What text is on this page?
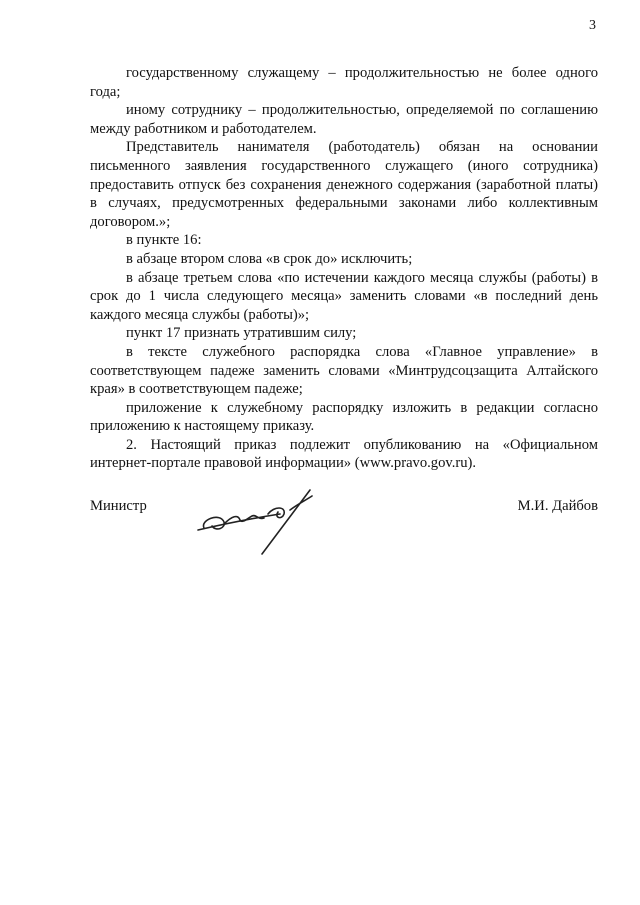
3

государственному служащему – продолжительностью не более одного года;

иному сотруднику – продолжительностью, определяемой по соглашению между работником и работодателем.

Представитель нанимателя (работодатель) обязан на основании письменного заявления государственного служащего (иного сотрудника) предоставить отпуск без сохранения денежного содержания (заработной платы) в случаях, предусмотренных федеральными законами либо коллективным договором.»;

в пункте 16:

в абзаце втором слова «в срок до» исключить;

в абзаце третьем слова «по истечении каждого месяца службы (работы) в срок до 1 числа следующего месяца» заменить словами «в последний день каждого месяца службы (работы)»;

пункт 17 признать утратившим силу;

в тексте служебного распорядка слова «Главное управление» в соответствующем падеже заменить словами «Минтрудсоцзащита Алтайского края» в соответствующем падеже;

приложение к служебному распорядку изложить в редакции согласно приложению к настоящему приказу.

2. Настоящий приказ подлежит опубликованию на «Официальном интернет-портале правовой информации» (www.pravo.gov.ru).

Министр	М.И. Дайбов
